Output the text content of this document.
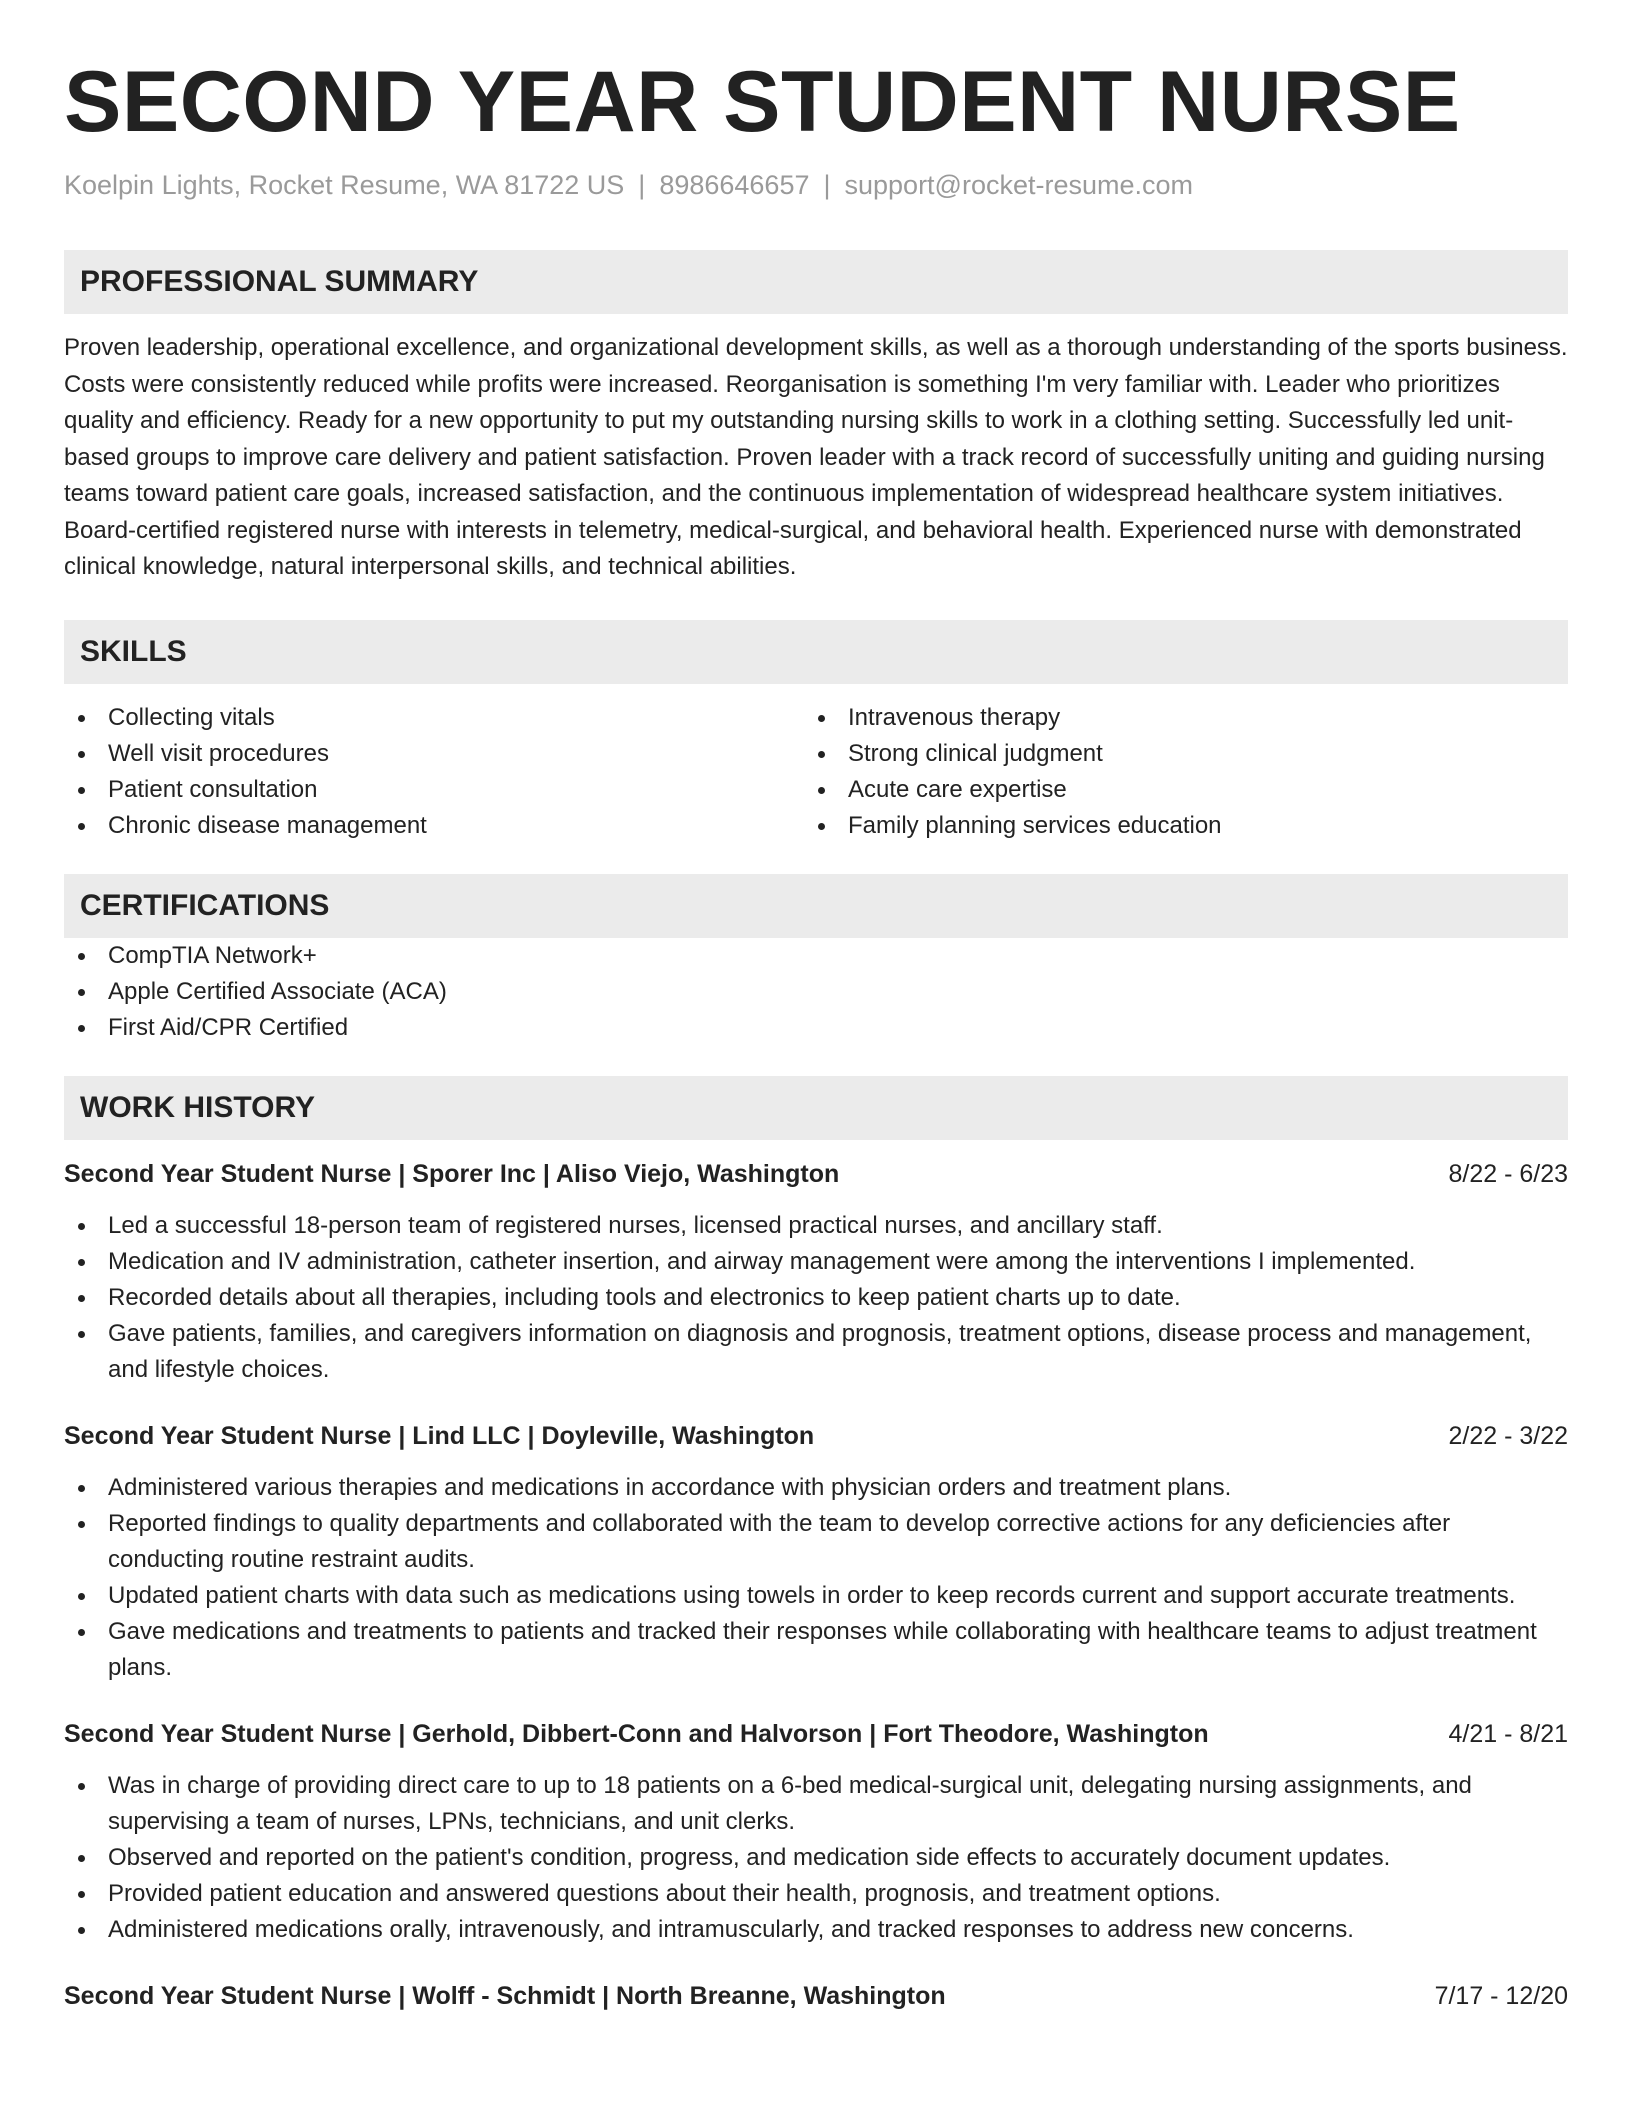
SECOND YEAR STUDENT NURSE
Koelpin Lights, Rocket Resume, WA 81722 US | 8986646657 | support@rocket-resume.com
PROFESSIONAL SUMMARY

Proven leadership, operational excellence, and organizational development skills, as well as a thorough understanding of the sports business. Costs were consistently reduced while profits were increased. Reorganisation is something I'm very familiar with. Leader who prioritizes quality and efficiency. Ready for a new opportunity to put my outstanding nursing skills to work in a clothing setting. Successfully led unit-based groups to improve care delivery and patient satisfaction. Proven leader with a track record of successfully uniting and guiding nursing teams toward patient care goals, increased satisfaction, and the continuous implementation of widespread healthcare system initiatives. Board-certified registered nurse with interests in telemetry, medical-surgical, and behavioral health. Experienced nurse with demonstrated clinical knowledge, natural interpersonal skills, and technical abilities.

SKILLS
Collecting vitals
Well visit procedures
Patient consultation
Chronic disease management
Intravenous therapy
Strong clinical judgment
Acute care expertise
Family planning services education
CERTIFICATIONS
CompTIA Network+
Apple Certified Associate (ACA)
First Aid/CPR Certified
WORK HISTORY
Second Year Student Nurse | Sporer Inc | Aliso Viejo, Washington	8/22 - 6/23
Led a successful 18-person team of registered nurses, licensed practical nurses, and ancillary staff.
Medication and IV administration, catheter insertion, and airway management were among the interventions I implemented.
Recorded details about all therapies, including tools and electronics to keep patient charts up to date.
Gave patients, families, and caregivers information on diagnosis and prognosis, treatment options, disease process and management, and lifestyle choices.
Second Year Student Nurse | Lind LLC | Doyleville, Washington	2/22 - 3/22
Administered various therapies and medications in accordance with physician orders and treatment plans.
Reported findings to quality departments and collaborated with the team to develop corrective actions for any deficiencies after conducting routine restraint audits.
Updated patient charts with data such as medications using towels in order to keep records current and support accurate treatments.
Gave medications and treatments to patients and tracked their responses while collaborating with healthcare teams to adjust treatment plans.
Second Year Student Nurse | Gerhold, Dibbert-Conn and Halvorson | Fort Theodore, Washington	4/21 - 8/21
Was in charge of providing direct care to up to 18 patients on a 6-bed medical-surgical unit, delegating nursing assignments, and supervising a team of nurses, LPNs, technicians, and unit clerks.
Observed and reported on the patient's condition, progress, and medication side effects to accurately document updates.
Provided patient education and answered questions about their health, prognosis, and treatment options.
Administered medications orally, intravenously, and intramuscularly, and tracked responses to address new concerns.
Second Year Student Nurse | Wolff - Schmidt | North Breanne, Washington	7/17 - 12/20
